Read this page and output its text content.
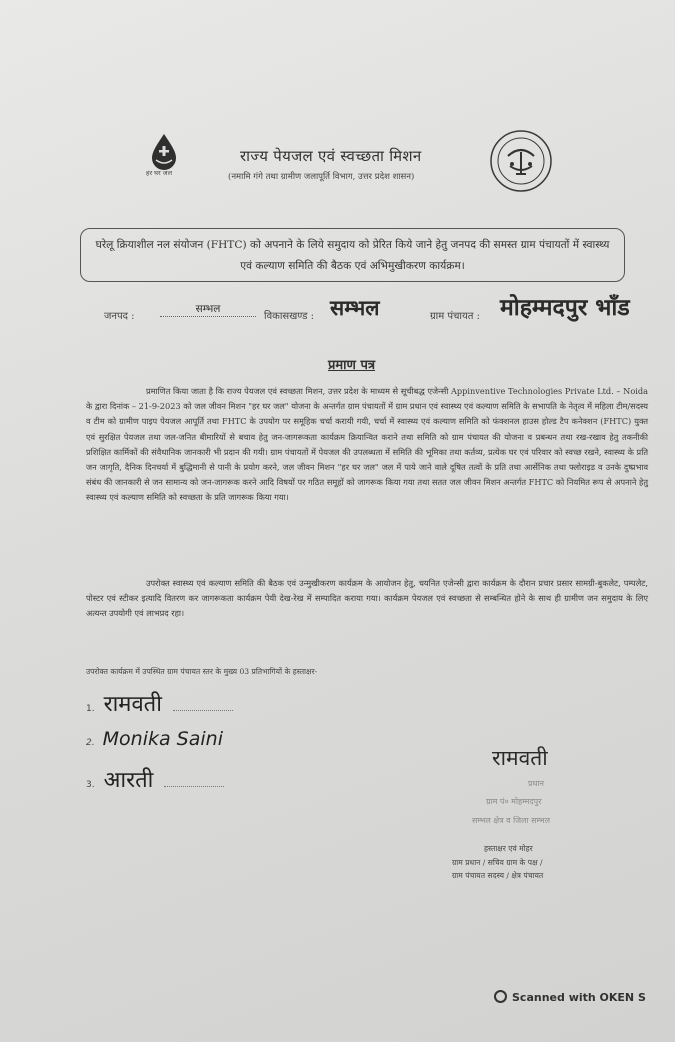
हर घर जल
राज्य पेयजल एवं स्वच्छता मिशन
(नमामि गंगे तथा ग्रामीण जलापूर्ति विभाग, उत्तर प्रदेश शासन)
घरेलू क्रियाशील नल संयोजन (FHTC) को अपनाने के लिये समुदाय को प्रेरित किये जाने हेतु जनपद की समस्त ग्राम पंचायतों में स्वास्थ्य एवं कल्याण समिति की बैठक एवं अभिमुखीकरण कार्यक्रम।
जनपद :
सम्भल
विकासखण्ड : सम्भल	ग्राम पंचायत : मोहम्मदपुर भाँड
प्रमाण पत्र
प्रमाणित किया जाता है कि राज्य पेयजल एवं स्वच्छता मिशन, उत्तर प्रदेश के माध्यम से सूचीबद्ध एजेन्सी Appinventive Technologies Private Ltd. – Noida के द्वारा दिनांक – 21-9-2023 को जल जीवन मिशन "हर घर जल" योजना के अन्तर्गत ग्राम पंचायतों में ग्राम प्रधान एवं स्वास्थ्य एवं कल्याण समिति के सभापति के नेतृत्व में महिला टीम/सदस्य व टीम को ग्रामीण पाइप पेयजल आपूर्ति तथा FHTC के उपयोग पर समूहिक चर्चा करायी गयी, चर्चा में स्वास्थ्य एवं कल्याण समिति को फंक्शनल हाउस होल्ड टैप कनेक्शन (FHTC) युक्त एवं सुरक्षित पेयजल तथा जल-जनित बीमारियों से बचाव हेतु जन-जागरूकता कार्यक्रम क्रियान्वित कराने तथा समिति को ग्राम पंचायत की योजना व प्रबन्धन तथा रख-रखाव हेतु तकनीकी प्रशिक्षित कार्मिकों की संवैधानिक जानकारी भी प्रदान की गयी। ग्राम पंचायतों में पेयजल की उपलब्धता में समिति की भूमिका तथा कर्तव्य, प्रत्येक घर एवं परिवार को स्वच्छ रखने, स्वास्थ्य के प्रति जन जागृति, दैनिक दिनचर्या में बुद्धिमानी से पानी के प्रयोग करने, जल जीवन मिशन "हर घर जल" जल में पाये जाने वाले दूषित तत्वों के प्रति तथा आर्सेनिक तथा फ्लोराइड व उनके दुष्प्रभाव संबंध की जानकारी से जन सामान्य को जन-जागरूक करने आदि विषयों पर गठित समूहों को जागरूक किया गया तथा सतत जल जीवन मिशन अन्तर्गत FHTC को नियमित रूप से अपनाने हेतु स्वास्थ्य एवं कल्याण समिति को स्वच्छता के प्रति जागरूक किया गया।
उपरोक्त स्वास्थ्य एवं कल्याण समिति की बैठक एवं उन्मुखीकरण कार्यक्रम के आयोजन हेतु, चयनित एजेन्सी द्वारा कार्यक्रम के दौरान प्रचार प्रसार सामग्री-बुकलेट, पम्पलेट, पोस्टर एवं स्टीकर इत्यादि वितरण कर जागरूकता कार्यक्रम पेयी देख-रेख में सम्पादित कराया गया। कार्यक्रम पेयजल एवं स्वच्छता से सम्बन्धित होने के साथ ही ग्रामीण जन समुदाय के लिए अत्यन्त उपयोगी एवं लाभप्रद रहा।
उपरोक्त कार्यक्रम में उपस्थित ग्राम पंचायत स्तर के मुख्य 03 प्रतिभागियों के हस्ताक्षर-
1. रामवती
2. Monika Saini
3. आरती
रामवती
प्रधान
ग्राम पं० मोहम्मदपुर
सम्भल क्षेत्र व जिला सम्भल
हस्ताक्षर एवं मोहर
ग्राम प्रधान / सचिव ग्राम के पक्ष /
ग्राम पंचायत सदस्य / क्षेत्र पंचायत
Scanned with OKEN S
